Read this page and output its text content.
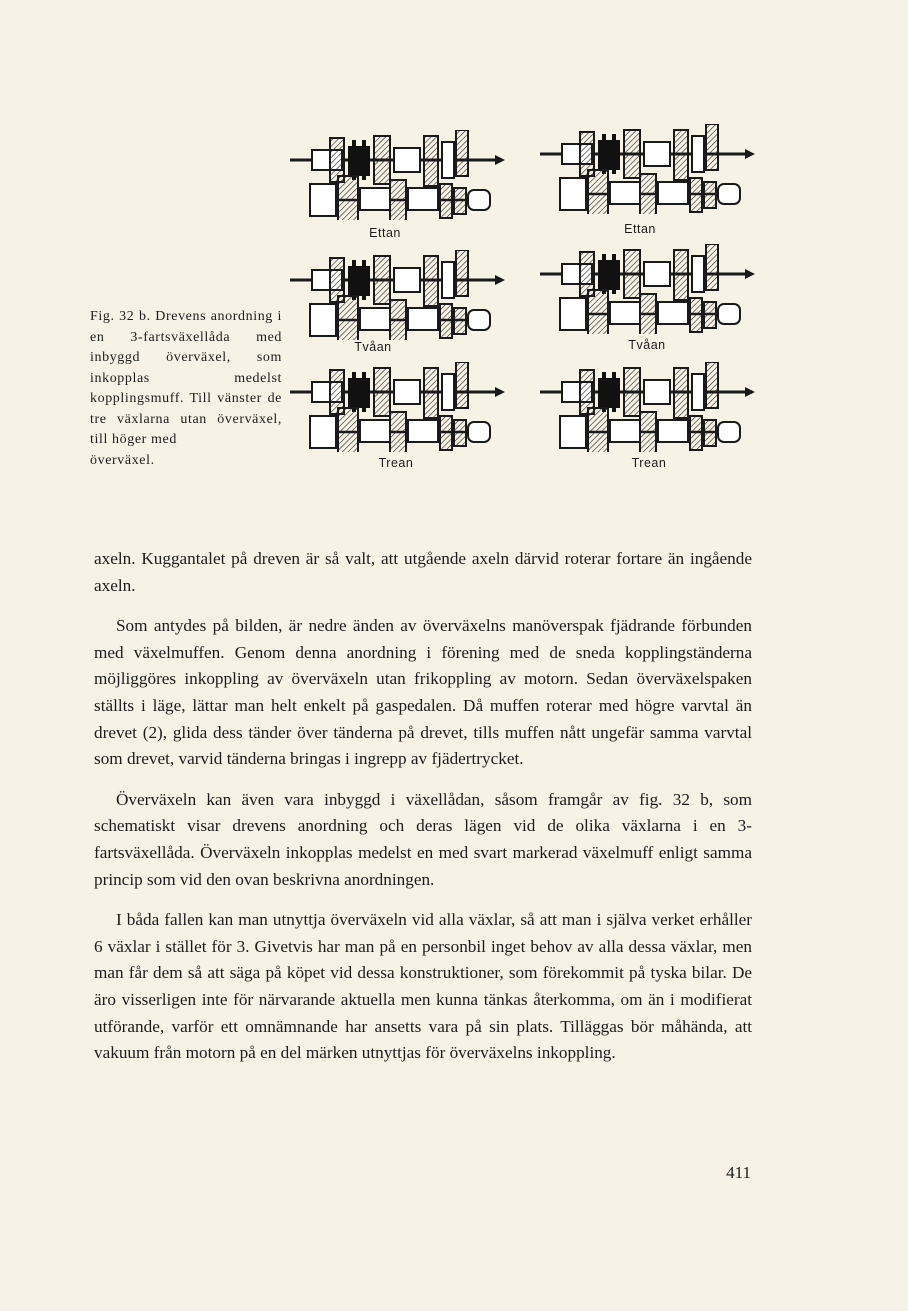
Fig. 32 b. Drevens anordning i en 3-fartsväxellåda med inbyggd överväxel, som inkopplas medelst kopplingsmuff. Till vänster de tre växlarna utan överväxel, till höger med
överväxel.
Ettan
Tvåan
Trean
Ettan
Tvåan
Trean

axeln. Kuggantalet på dreven är så valt, att utgående axeln därvid roterar fortare än ingående axeln.

Som antydes på bilden, är nedre änden av överväxelns manöverspak fjädrande förbunden med växelmuffen. Genom denna anordning i förening med de sneda kopplingständerna möjliggöres inkoppling av överväxeln utan frikoppling av motorn. Sedan överväxelspaken ställts i läge, lättar man helt enkelt på gaspedalen. Då muffen roterar med högre varvtal än drevet (2), glida dess tänder över tänderna på drevet, tills muffen nått ungefär samma varvtal som drevet, varvid tänderna bringas i ingrepp av fjädertrycket.

Överväxeln kan även vara inbyggd i växellådan, såsom framgår av fig. 32 b, som schematiskt visar drevens anordning och deras lägen vid de olika växlarna i en 3-fartsväxellåda. Överväxeln inkopplas medelst en med svart markerad växelmuff enligt samma princip som vid den ovan beskrivna anordningen.

I båda fallen kan man utnyttja överväxeln vid alla växlar, så att man i själva verket erhåller 6 växlar i stället för 3. Givetvis har man på en personbil inget behov av alla dessa växlar, men man får dem så att säga på köpet vid dessa konstruktioner, som förekommit på tyska bilar. De äro visserligen inte för närvarande aktuella men kunna tänkas återkomma, om än i modifierat utförande, varför ett omnämnande har ansetts vara på sin plats. Tilläggas bör måhända, att vakuum från motorn på en del märken utnyttjas för överväxelns inkoppling.

411
